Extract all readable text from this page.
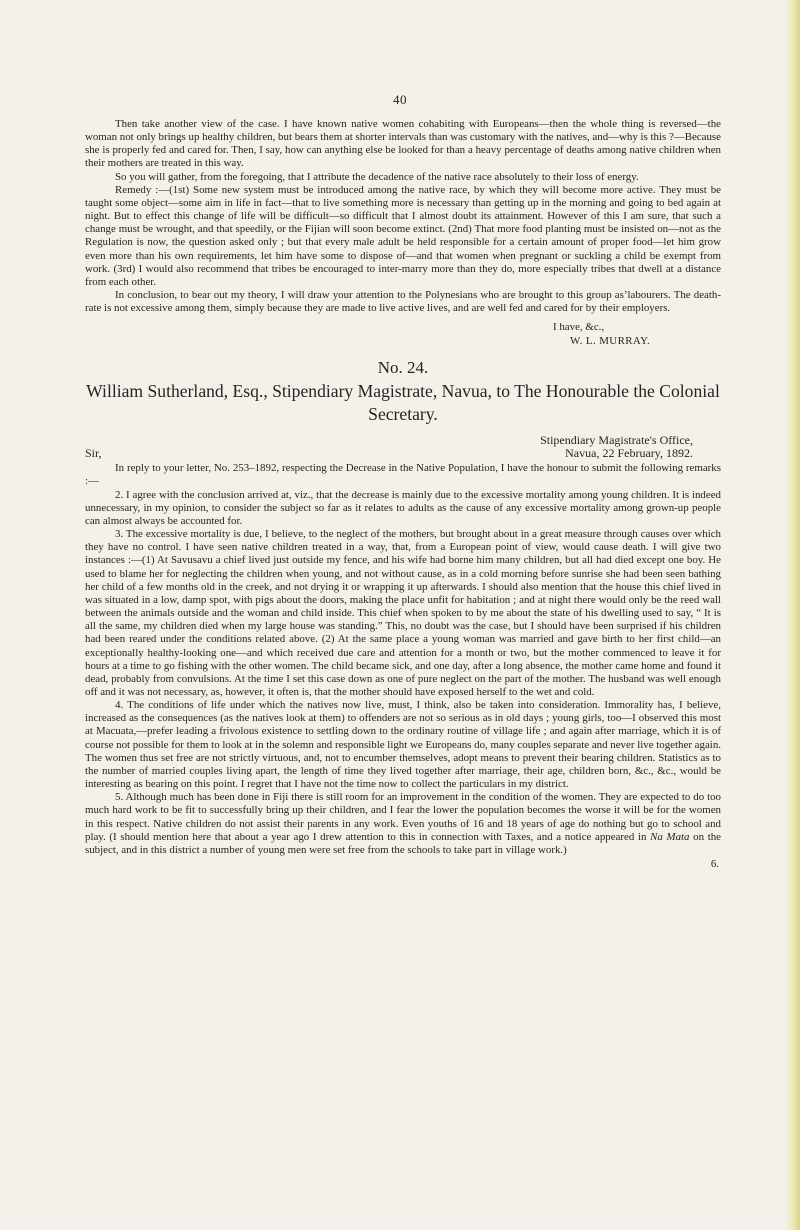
40

Then take another view of the case. I have known native women cohabiting with Europeans—then the whole thing is reversed—the woman not only brings up healthy children, but bears them at shorter intervals than was customary with the natives, and—why is this ?—Because she is properly fed and cared for. Then, I say, how can anything else be looked for than a heavy percentage of deaths among native children when their mothers are treated in this way.

So you will gather, from the foregoing, that I attribute the decadence of the native race absolutely to their loss of energy.

Remedy :—(1st) Some new system must be introduced among the native race, by which they will become more active. They must be taught some object—some aim in life in fact—that to live something more is necessary than getting up in the morning and going to bed again at night. But to effect this change of life will be difficult—so difficult that I almost doubt its attainment. However of this I am sure, that such a change must be wrought, and that speedily, or the Fijian will soon become extinct. (2nd) That more food planting must be insisted on—not as the Regulation is now, the question asked only ; but that every male adult be held responsible for a certain amount of proper food—let him grow even more than his own requirements, let him have some to dispose of—and that women when pregnant or suckling a child be exempt from work. (3rd) I would also recommend that tribes be encouraged to inter-marry more than they do, more especially tribes that dwell at a distance from each other.

In conclusion, to bear out my theory, I will draw your attention to the Polynesians who are brought to this group asʼlabourers. The death-rate is not excessive among them, simply because they are made to live active lives, and are well fed and cared for by their employers.

I have, &c.,
W. L. MURRAY.
No. 24.
William Sutherland, Esq., Stipendiary Magistrate, Navua, to The Honourable the Colonial Secretary.
Stipendiary Magistrate's Office,
Sir,	Navua, 22 February, 1892.

In reply to your letter, No. 253–1892, respecting the Decrease in the Native Population, I have the honour to submit the following remarks :—

2. I agree with the conclusion arrived at, viz., that the decrease is mainly due to the excessive mortality among young children. It is indeed unnecessary, in my opinion, to consider the subject so far as it relates to adults as the cause of any excessive mortality among grown-up people can almost always be accounted for.

3. The excessive mortality is due, I believe, to the neglect of the mothers, but brought about in a great measure through causes over which they have no control. I have seen native children treated in a way, that, from a European point of view, would cause death. I will give two instances :—(1) At Savusavu a chief lived just outside my fence, and his wife had borne him many children, but all had died except one boy. He used to blame her for neglecting the children when young, and not without cause, as in a cold morning before sunrise she had been seen bathing her child of a few months old in the creek, and not drying it or wrapping it up afterwards. I should also mention that the house this chief lived in was situated in a low, damp spot, with pigs about the doors, making the place unfit for habitation ; and at night there would only be the reed wall between the animals outside and the woman and child inside. This chief when spoken to by me about the state of his dwelling used to say, “ It is all the same, my children died when my large house was standing.” This, no doubt was the case, but I should have been surprised if his children had been reared under the conditions related above. (2) At the same place a young woman was married and gave birth to her first child—an exceptionally healthy-looking one—and which received due care and attention for a month or two, but the mother commenced to leave it for hours at a time to go fishing with the other women. The child became sick, and one day, after a long absence, the mother came home and found it dead, probably from convulsions. At the time I set this case down as one of pure neglect on the part of the mother. The husband was well enough off and it was not necessary, as, however, it often is, that the mother should have exposed herself to the wet and cold.

4. The conditions of life under which the natives now live, must, I think, also be taken into consideration. Immorality has, I believe, increased as the consequences (as the natives look at them) to offenders are not so serious as in old days ; young girls, too—I observed this most at Macuata,—prefer leading a frivolous existence to settling down to the ordinary routine of village life ; and again after marriage, which it is of course not possible for them to look at in the solemn and responsible light we Europeans do, many couples separate and never live together again. The women thus set free are not strictly virtuous, and, not to encumber themselves, adopt means to prevent their bearing children. Statistics as to the number of married couples living apart, the length of time they lived together after marriage, their age, children born, &c., &c., would be interesting as bearing on this point. I regret that I have not the time now to collect the particulars in my district.

5. Although much has been done in Fiji there is still room for an improvement in the condition of the women. They are expected to do too much hard work to be fit to successfully bring up their children, and I fear the lower the population becomes the worse it will be for the women in this respect. Native children do not assist their parents in any work. Even youths of 16 and 18 years of age do nothing but go to school and play. (I should mention here that about a year ago I drew attention to this in connection with Taxes, and a notice appeared in Na Mata on the subject, and in this district a number of young men were set free from the schools to take part in village work.)

6.
